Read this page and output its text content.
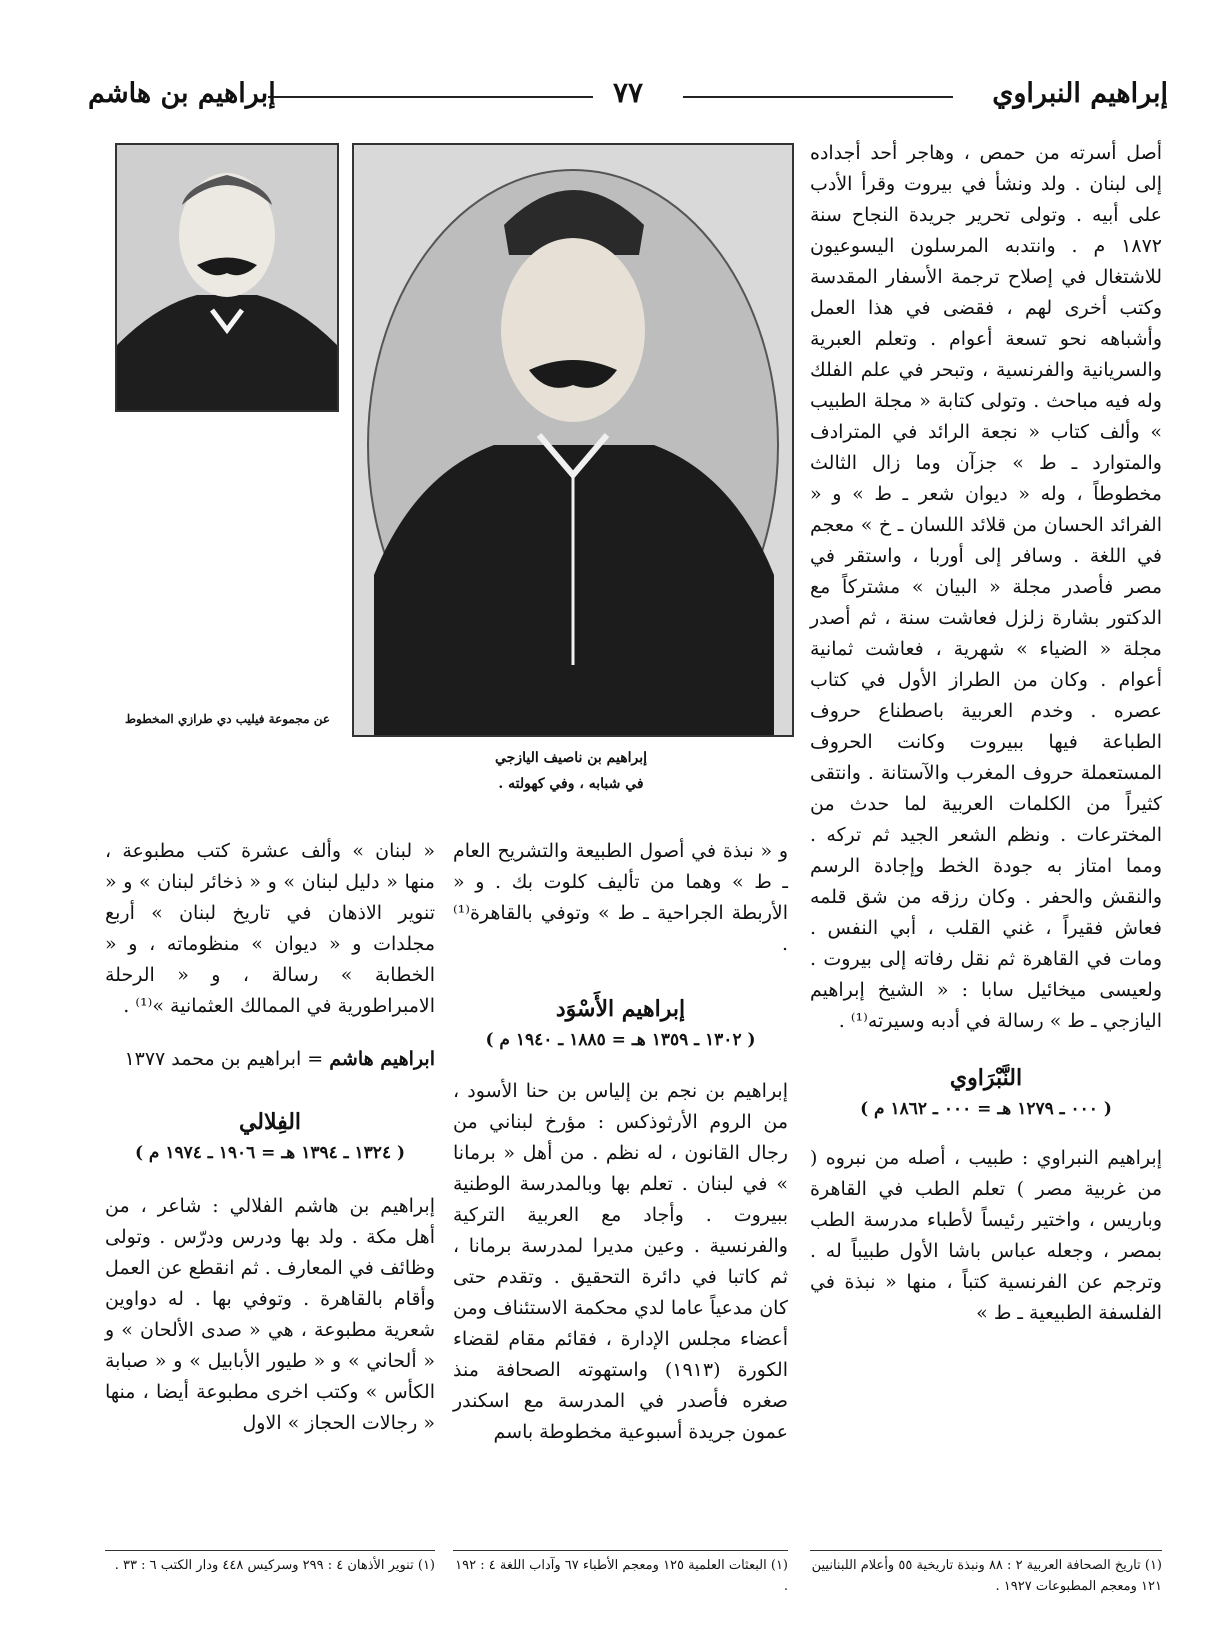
إبراهيم النبراوي
٧٧
إبراهيم بن هاشم
عن مجموعة فيليب دي طرازي المخطوط
إبراهيم بن ناصيف اليازجي
في شبابه ، وفي كهولته .

أصل أسرته من حمص ، وهاجر أحد أجداده إلى لبنان . ولد ونشأ في بيروت وقرأ الأدب على أبيه . وتولى تحرير جريدة النجاح سنة ١٨٧٢ م . وانتدبه المرسلون اليسوعيون للاشتغال في إصلاح ترجمة الأسفار المقدسة وكتب أخرى لهم ، فقضى في هذا العمل وأشباهه نحو تسعة أعوام . وتعلم العبرية والسريانية والفرنسية ، وتبحر في علم الفلك وله فيه مباحث . وتولى كتابة « مجلة الطبيب » وألف كتاب « نجعة الرائد في المترادف والمتوارد ـ ط » جزآن وما زال الثالث مخطوطاً ، وله « ديوان شعر ـ ط » و « الفرائد الحسان من قلائد اللسان ـ خ » معجم في اللغة . وسافر إلى أوربا ، واستقر في مصر فأصدر مجلة « البيان » مشتركاً مع الدكتور بشارة زلزل فعاشت سنة ، ثم أصدر مجلة « الضياء » شهرية ، فعاشت ثمانية أعوام . وكان من الطراز الأول في كتاب عصره . وخدم العربية باصطناع حروف الطباعة فيها ببيروت وكانت الحروف المستعملة حروف المغرب والآستانة . وانتقى كثيراً من الكلمات العربية لما حدث من المخترعات . ونظم الشعر الجيد ثم تركه . ومما امتاز به جودة الخط وإجادة الرسم والنقش والحفر . وكان رزقه من شق قلمه فعاش فقيراً ، غني القلب ، أبي النفس . ومات في القاهرة ثم نقل رفاته إلى بيروت . ولعيسى ميخائيل سابا : « الشيخ إبراهيم اليازجي ـ ط » رسالة في أدبه وسيرته⁽¹⁾ .

النَّبْرَاوي

( ٠٠٠ ـ ١٢٧٩ هـ = ٠٠٠ ـ ١٨٦٢ م )

إبراهيم النبراوي : طبيب ، أصله من نبروه ( من غربية مصر ) تعلم الطب في القاهرة وباريس ، واختير رئيساً لأطباء مدرسة الطب بمصر ، وجعله عباس باشا الأول طبيباً له . وترجم عن الفرنسية كتباً ، منها « نبذة في الفلسفة الطبيعية ـ ط »

(١) تاريخ الصحافة العربية ٢ : ٨٨ ونبذة تاريخية ٥٥ وأعلام اللبنانيين ١٢١ ومعجم المطبوعات ١٩٢٧ .

و « نبذة في أصول الطبيعة والتشريح العام ـ ط » وهما من تأليف كلوت بك . و « الأربطة الجراحية ـ ط » وتوفي بالقاهرة⁽¹⁾ .

إبراهيم الأَسْوَد

( ١٣٠٢ ـ ١٣٥٩ هـ = ١٨٨٥ ـ ١٩٤٠ م )

إبراهيم بن نجم بن إلياس بن حنا الأسود ، من الروم الأرثوذكس : مؤرخ لبناني من رجال القانون ، له نظم . من أهل « برمانا » في لبنان . تعلم بها وبالمدرسة الوطنية ببيروت . وأجاد مع العربية التركية والفرنسية . وعين مديرا لمدرسة برمانا ، ثم كاتبا في دائرة التحقيق . وتقدم حتى كان مدعياً عاما لدي محكمة الاستئناف ومن أعضاء مجلس الإدارة ، فقائم مقام لقضاء الكورة (١٩١٣) واستهوته الصحافة منذ صغره فأصدر في المدرسة مع اسكندر عمون جريدة أسبوعية مخطوطة باسم

(١) البعثات العلمية ١٢٥ ومعجم الأطباء ٦٧ وآداب اللغة ٤ : ١٩٢ .

« لبنان » وألف عشرة كتب مطبوعة ، منها « دليل لبنان » و « ذخائر لبنان » و « تنوير الاذهان في تاريخ لبنان » أربع مجلدات و « ديوان » منظوماته ، و « الخطابة » رسالة ، و « الرحلة الامبراطورية في الممالك العثمانية »⁽¹⁾ .

ابراهيم هاشم = ابراهيم بن محمد ١٣٧٧

الفِلالي

( ١٣٢٤ ـ ١٣٩٤ هـ = ١٩٠٦ ـ ١٩٧٤ م )

إبراهيم بن هاشم الفلالي : شاعر ، من أهل مكة . ولد بها ودرس ودرّس . وتولى وظائف في المعارف . ثم انقطع عن العمل وأقام بالقاهرة . وتوفي بها . له دواوين شعرية مطبوعة ، هي « صدى الألحان » و « ألحاني » و « طيور الأبابيل » و « صبابة الكأس » وكتب اخرى مطبوعة أيضا ، منها « رجالات الحجاز » الاول

(١) تنوير الأذهان ٤ : ٢٩٩ وسركيس ٤٤٨ ودار الكتب ٦ : ٣٣ .
